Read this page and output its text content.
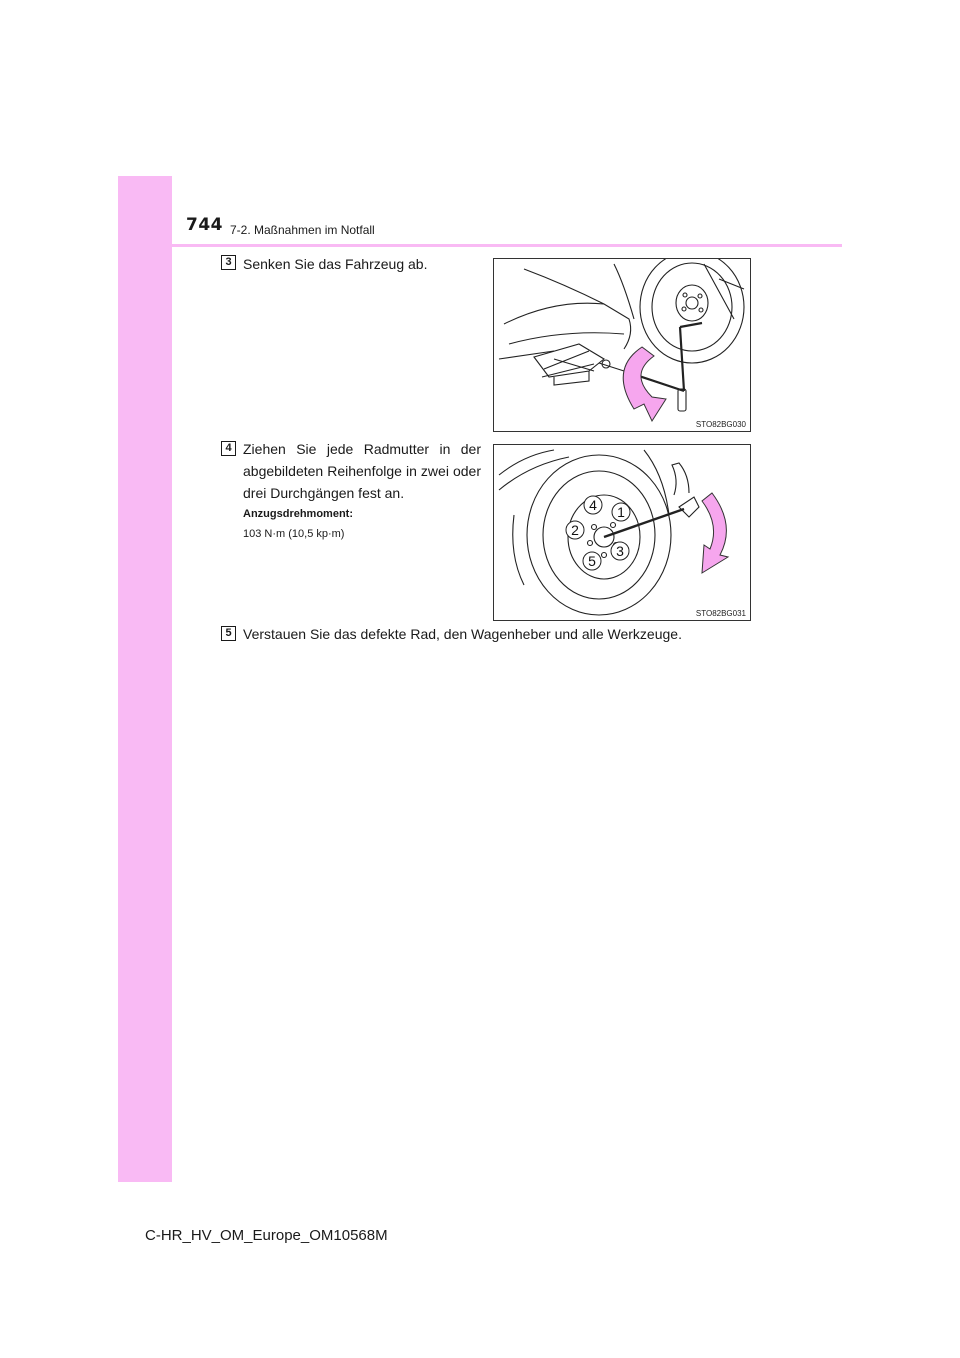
744 7-2. Maßnahmen im Notfall
3 Senken Sie das Fahrzeug ab.
STO82BG030
4 Ziehen Sie jede Radmutter in der abgebildeten Reihenfolge in zwei oder drei Durchgängen fest an.
Anzugsdrehmoment:
103 N·m (10,5 kp·m)
1
2
3
4
5
STO82BG031
5 Verstauen Sie das defekte Rad, den Wagenheber und alle Werkzeuge.
C-HR_HV_OM_Europe_OM10568M
